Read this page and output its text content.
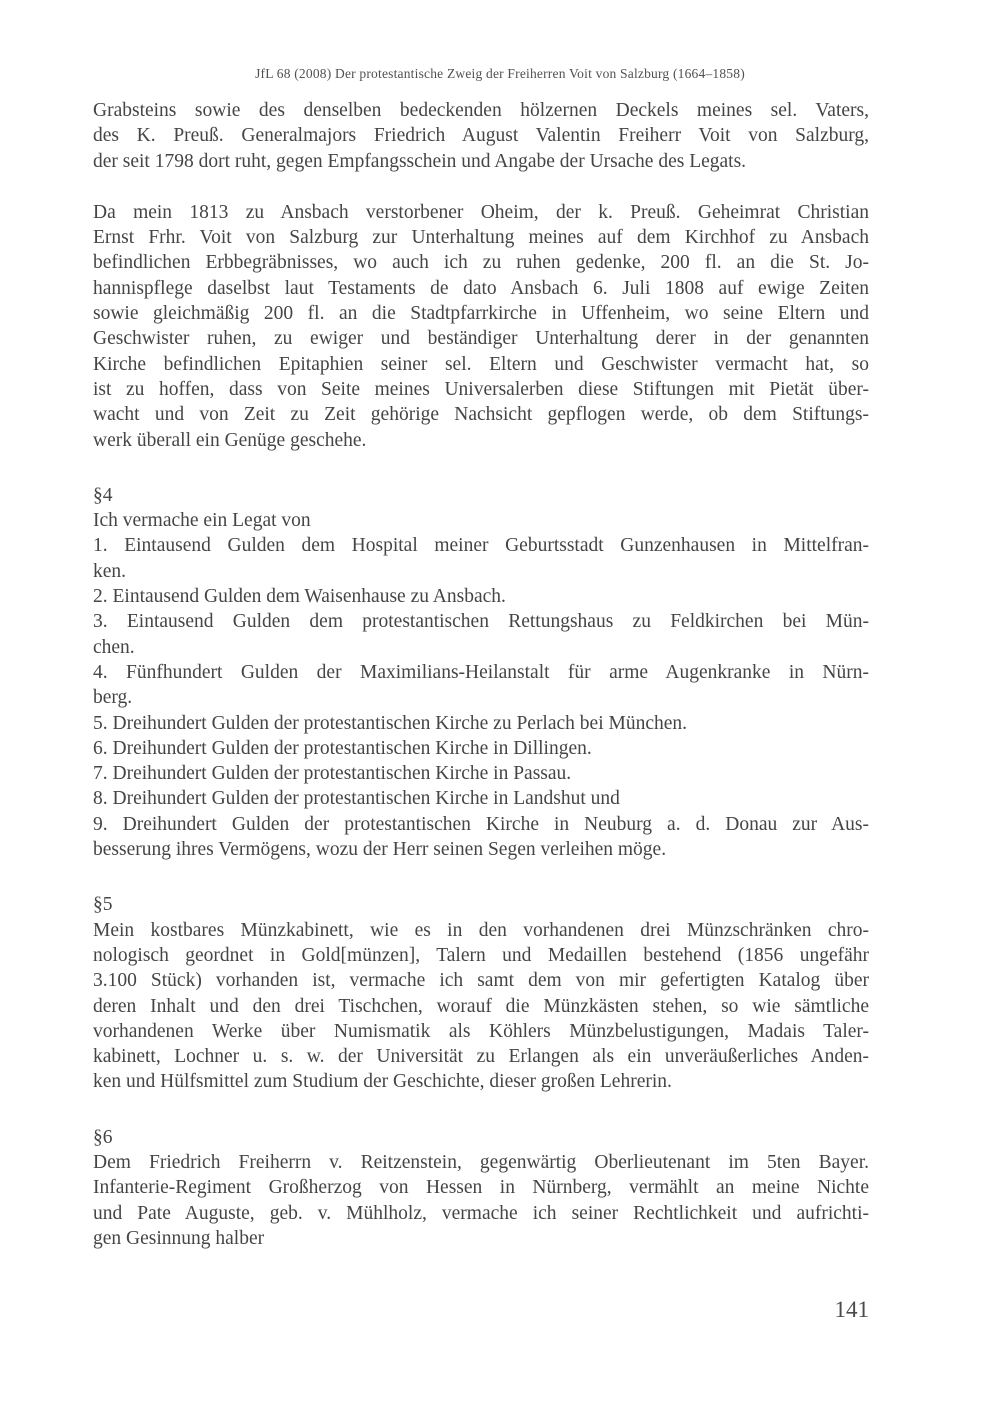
JfL 68 (2008) Der protestantische Zweig der Freiherren Voit von Salzburg (1664–1858)
Grabsteins sowie des denselben bedeckenden hölzernen Deckels meines sel. Vaters,
des K. Preuß. Generalmajors Friedrich August Valentin Freiherr Voit von Salzburg,
der seit 1798 dort ruht, gegen Empfangsschein und Angabe der Ursache des Legats.
Da mein 1813 zu Ansbach verstorbener Oheim, der k. Preuß. Geheimrat Christian
Ernst Frhr. Voit von Salzburg zur Unterhaltung meines auf dem Kirchhof zu Ansbach
befindlichen Erbbegräbnisses, wo auch ich zu ruhen gedenke, 200 fl. an die St. Jo-
hannispflege daselbst laut Testaments de dato Ansbach 6. Juli 1808 auf ewige Zeiten
sowie gleichmäßig 200 fl. an die Stadtpfarrkirche in Uffenheim, wo seine Eltern und
Geschwister ruhen, zu ewiger und beständiger Unterhaltung derer in der genannten
Kirche befindlichen Epitaphien seiner sel. Eltern und Geschwister vermacht hat, so
ist zu hoffen, dass von Seite meines Universalerben diese Stiftungen mit Pietät über-
wacht und von Zeit zu Zeit gehörige Nachsicht gepflogen werde, ob dem Stiftungs-
werk überall ein Genüge geschehe.
§4
Ich vermache ein Legat von
1. Eintausend Gulden dem Hospital meiner Geburtsstadt Gunzenhausen in Mittelfran-
ken.
2. Eintausend Gulden dem Waisenhause zu Ansbach.
3. Eintausend Gulden dem protestantischen Rettungshaus zu Feldkirchen bei Mün-
chen.
4. Fünfhundert Gulden der Maximilians-Heilanstalt für arme Augenkranke in Nürn-
berg.
5. Dreihundert Gulden der protestantischen Kirche zu Perlach bei München.
6. Dreihundert Gulden der protestantischen Kirche in Dillingen.
7. Dreihundert Gulden der protestantischen Kirche in Passau.
8. Dreihundert Gulden der protestantischen Kirche in Landshut und
9. Dreihundert Gulden der protestantischen Kirche in Neuburg a. d. Donau zur Aus-
besserung ihres Vermögens, wozu der Herr seinen Segen verleihen möge.
§5
Mein kostbares Münzkabinett, wie es in den vorhandenen drei Münzschränken chro-
nologisch geordnet in Gold[münzen], Talern und Medaillen bestehend (1856 ungefähr
3.100 Stück) vorhanden ist, vermache ich samt dem von mir gefertigten Katalog über
deren Inhalt und den drei Tischchen, worauf die Münzkästen stehen, so wie sämtliche
vorhandenen Werke über Numismatik als Köhlers Münzbelustigungen, Madais Taler-
kabinett, Lochner u. s. w. der Universität zu Erlangen als ein unveräußerliches Anden-
ken und Hülfsmittel zum Studium der Geschichte, dieser großen Lehrerin.
§6
Dem Friedrich Freiherrn v. Reitzenstein, gegenwärtig Oberlieutenant im 5ten Bayer.
Infanterie-Regiment Großherzog von Hessen in Nürnberg, vermählt an meine Nichte
und Pate Auguste, geb. v. Mühlholz, vermache ich seiner Rechtlichkeit und aufrichti-
gen Gesinnung halber
141
